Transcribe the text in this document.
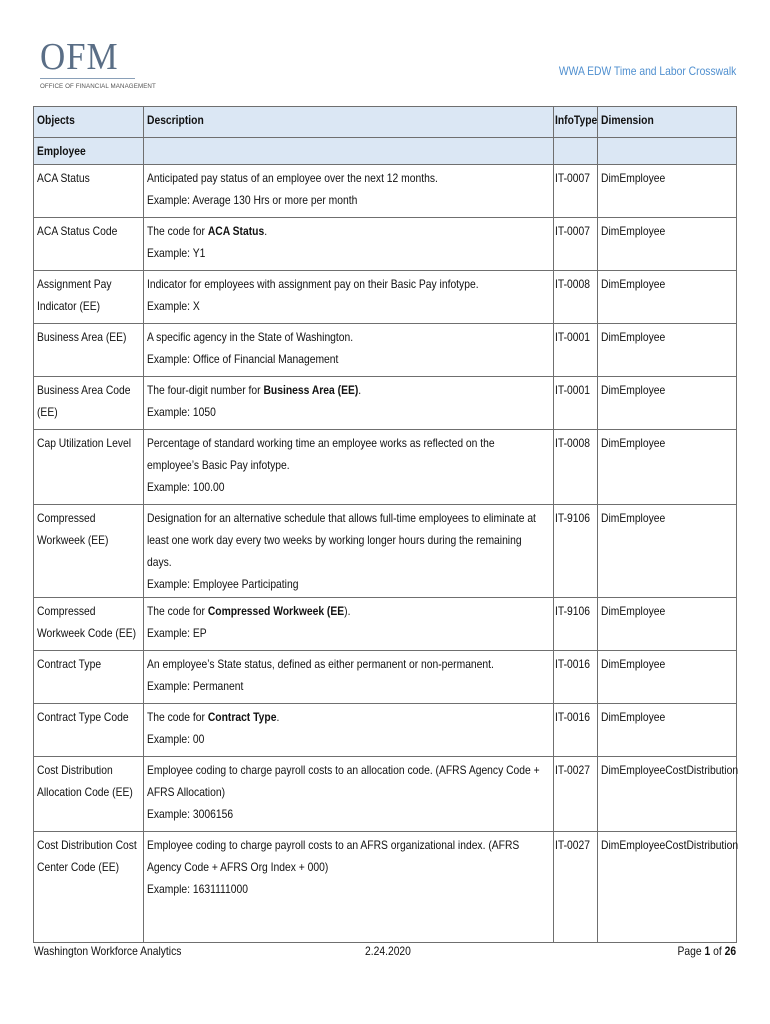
OFM
OFFICE OF FINANCIAL MANAGEMENT
WWA EDW Time and Labor Crosswalk
Objects	Description	InfoType	Dimension
Employee			

ACA Status	Anticipated pay status of an employee over the next 12 months.
Example: Average 130 Hrs or more per month	IT-0007	DimEmployee

ACA Status Code	The code for ACA Status.
Example: Y1	IT-0007	DimEmployee

Assignment Pay Indicator (EE)	Indicator for employees with assignment pay on their Basic Pay infotype.
Example: X	IT-0008	DimEmployee

Business Area (EE)	A specific agency in the State of Washington.
Example: Office of Financial Management	IT-0001	DimEmployee

Business Area Code (EE)	The four-digit number for Business Area (EE).
Example: 1050	IT-0001	DimEmployee

Cap Utilization Level	Percentage of standard working time an employee works as reflected on the employee’s Basic Pay infotype.
Example: 100.00	IT-0008	DimEmployee

Compressed Workweek (EE)	Designation for an alternative schedule that allows full-time employees to eliminate at least one work day every two weeks by working longer hours during the remaining days.
Example: Employee Participating	IT-9106	DimEmployee

Compressed Workweek Code (EE)	The code for Compressed Workweek (EE).
Example: EP	IT-9106	DimEmployee

Contract Type	An employee’s State status, defined as either permanent or non-permanent.
Example: Permanent	IT-0016	DimEmployee

Contract Type Code	The code for Contract Type.
Example: 00	IT-0016	DimEmployee

Cost Distribution Allocation Code (EE)	Employee coding to charge payroll costs to an allocation code. (AFRS Agency Code + AFRS Allocation)
Example: 3006156	IT-0027	DimEmployeeCostDistribution

Cost Distribution Cost Center Code (EE)	Employee coding to charge payroll costs to an AFRS organizational index. (AFRS Agency Code + AFRS Org Index + 000)
Example: 1631111000	IT-0027	DimEmployeeCostDistribution
Washington Workforce Analytics	2.24.2020	Page 1 of 26
